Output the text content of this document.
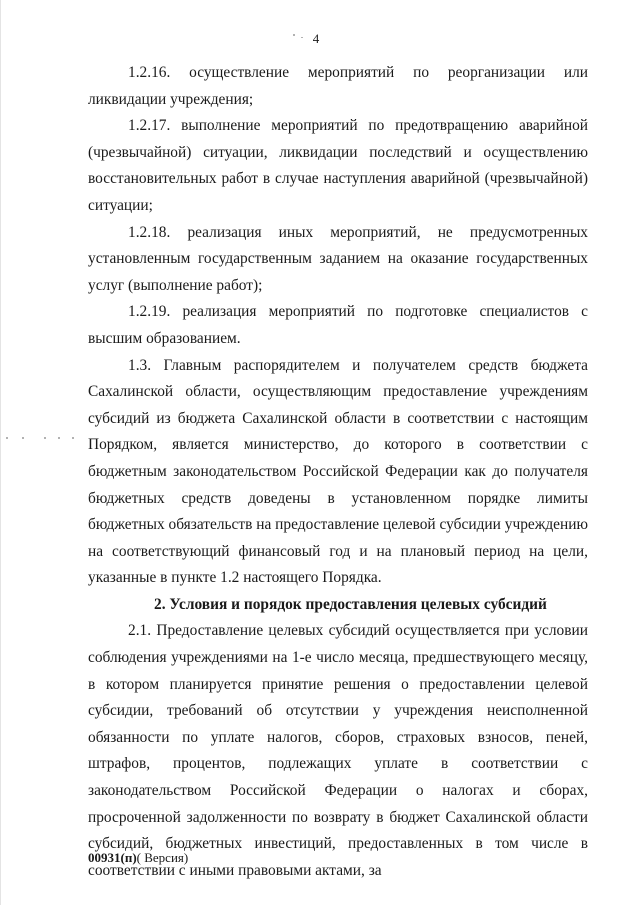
4

1.2.16. осуществление мероприятий по реорганизации или ликвидации учреждения;

1.2.17. выполнение мероприятий по предотвращению аварийной (чрезвычайной) ситуации, ликвидации последствий и осуществлению восстановительных работ в случае наступления аварийной (чрезвычайной) ситуации;

1.2.18. реализация иных мероприятий, не предусмотренных установленным государственным заданием на оказание государственных услуг (выполнение работ);

1.2.19. реализация мероприятий по подготовке специалистов с высшим образованием.

1.3. Главным распорядителем и получателем средств бюджета Сахалинской области, осуществляющим предоставление учреждениям субсидий из бюджета Сахалинской области в соответствии с настоящим Порядком, является министерство, до которого в соответствии с бюджетным законодательством Российской Федерации как до получателя бюджетных средств доведены в установленном порядке лимиты бюджетных обязательств на предоставление целевой субсидии учреждению на соответствующий финансовый год и на плановый период на цели, указанные в пункте 1.2 настоящего Порядка.

2. Условия и порядок предоставления целевых субсидий

2.1. Предоставление целевых субсидий осуществляется при условии соблюдения учреждениями на 1-е число месяца, предшествующего месяцу, в котором планируется принятие решения о предоставлении целевой субсидии, требований об отсутствии у учреждения неисполненной обязанности по уплате налогов, сборов, страховых взносов, пеней, штрафов, процентов, подлежащих уплате в соответствии с законодательством Российской Федерации о налогах и сборах, просроченной задолженности по возврату в бюджет Сахалинской области субсидий, бюджетных инвестиций, предоставленных в том числе в соответствии с иными правовыми актами, за

00931(п)( Версия)
